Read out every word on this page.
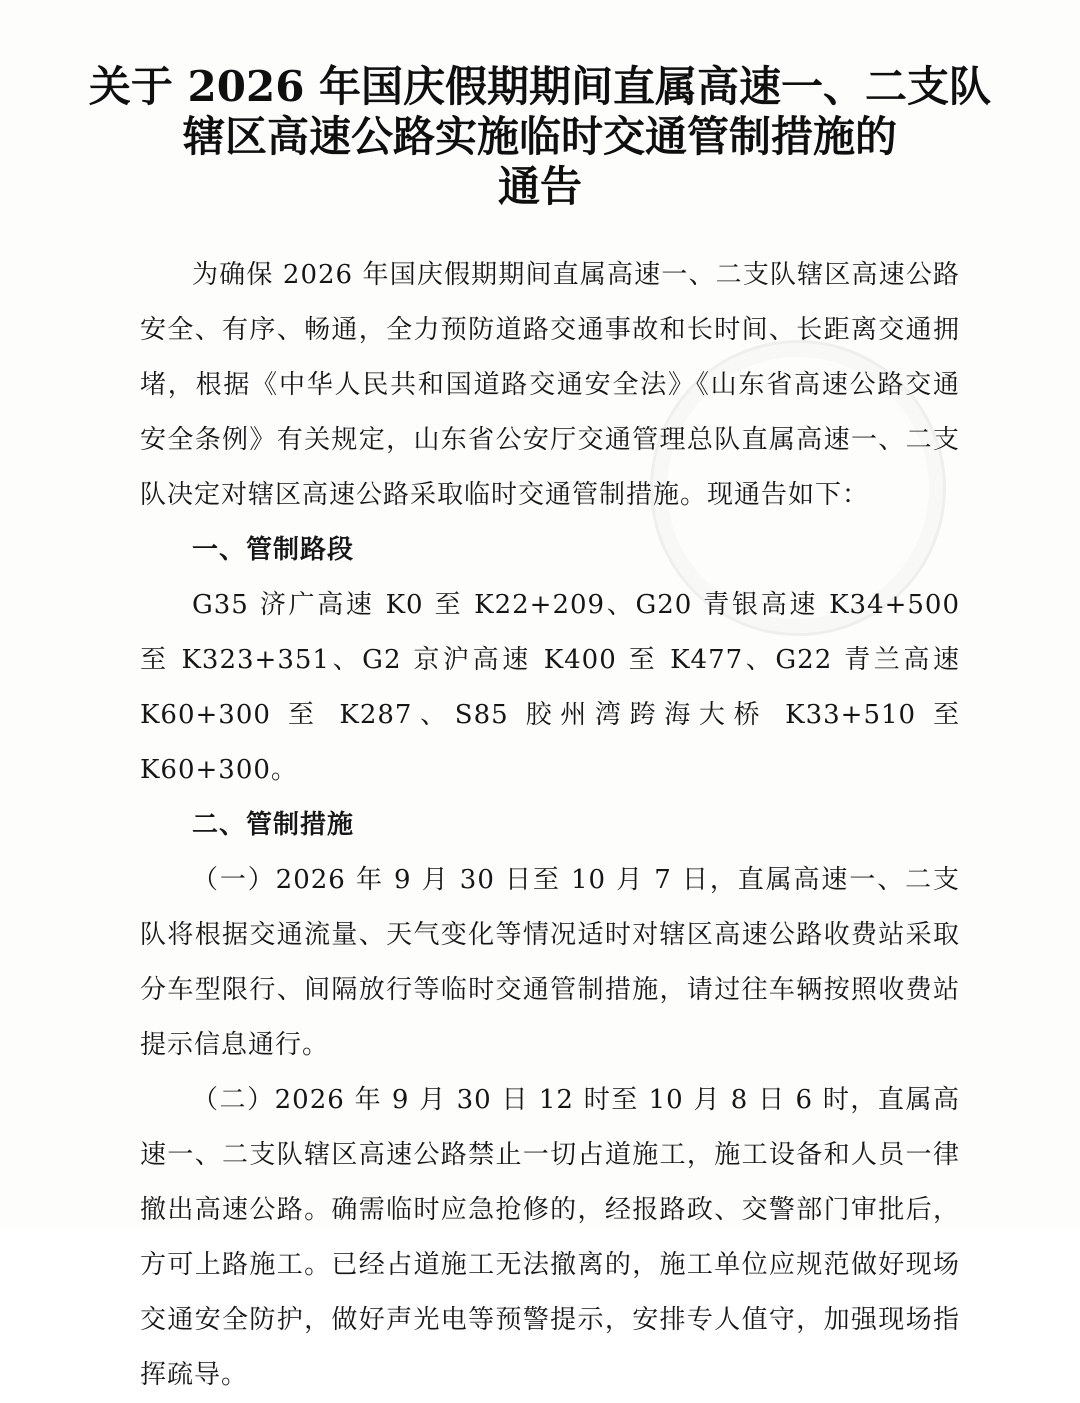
关于 2026 年国庆假期期间直属高速一、二支队
辖区高速公路实施临时交通管制措施的
通告

为确保 2026 年国庆假期期间直属高速一、二支队辖区高速公路安全、有序、畅通，全力预防道路交通事故和长时间、长距离交通拥堵，根据《中华人民共和国道路交通安全法》《山东省高速公路交通安全条例》有关规定，山东省公安厅交通管理总队直属高速一、二支队决定对辖区高速公路采取临时交通管制措施。现通告如下：

一、管制路段

G35 济广高速 K0 至 K22+209、G20 青银高速 K34+500 至 K323+351、G2 京沪高速 K400 至 K477、G22 青兰高速 K60+300 至 K287、S85 胶州湾跨海大桥 K33+510 至 K60+300。

二、管制措施

（一）2026 年 9 月 30 日至 10 月 7 日，直属高速一、二支队将根据交通流量、天气变化等情况适时对辖区高速公路收费站采取分车型限行、间隔放行等临时交通管制措施，请过往车辆按照收费站提示信息通行。

（二）2026 年 9 月 30 日 12 时至 10 月 8 日 6 时，直属高速一、二支队辖区高速公路禁止一切占道施工，施工设备和人员一律撤出高速公路。确需临时应急抢修的，经报路政、交警部门审批后，方可上路施工。已经占道施工无法撤离的，施工单位应规范做好现场交通安全防护，做好声光电等预警提示，安排专人值守，加强现场指挥疏导。
